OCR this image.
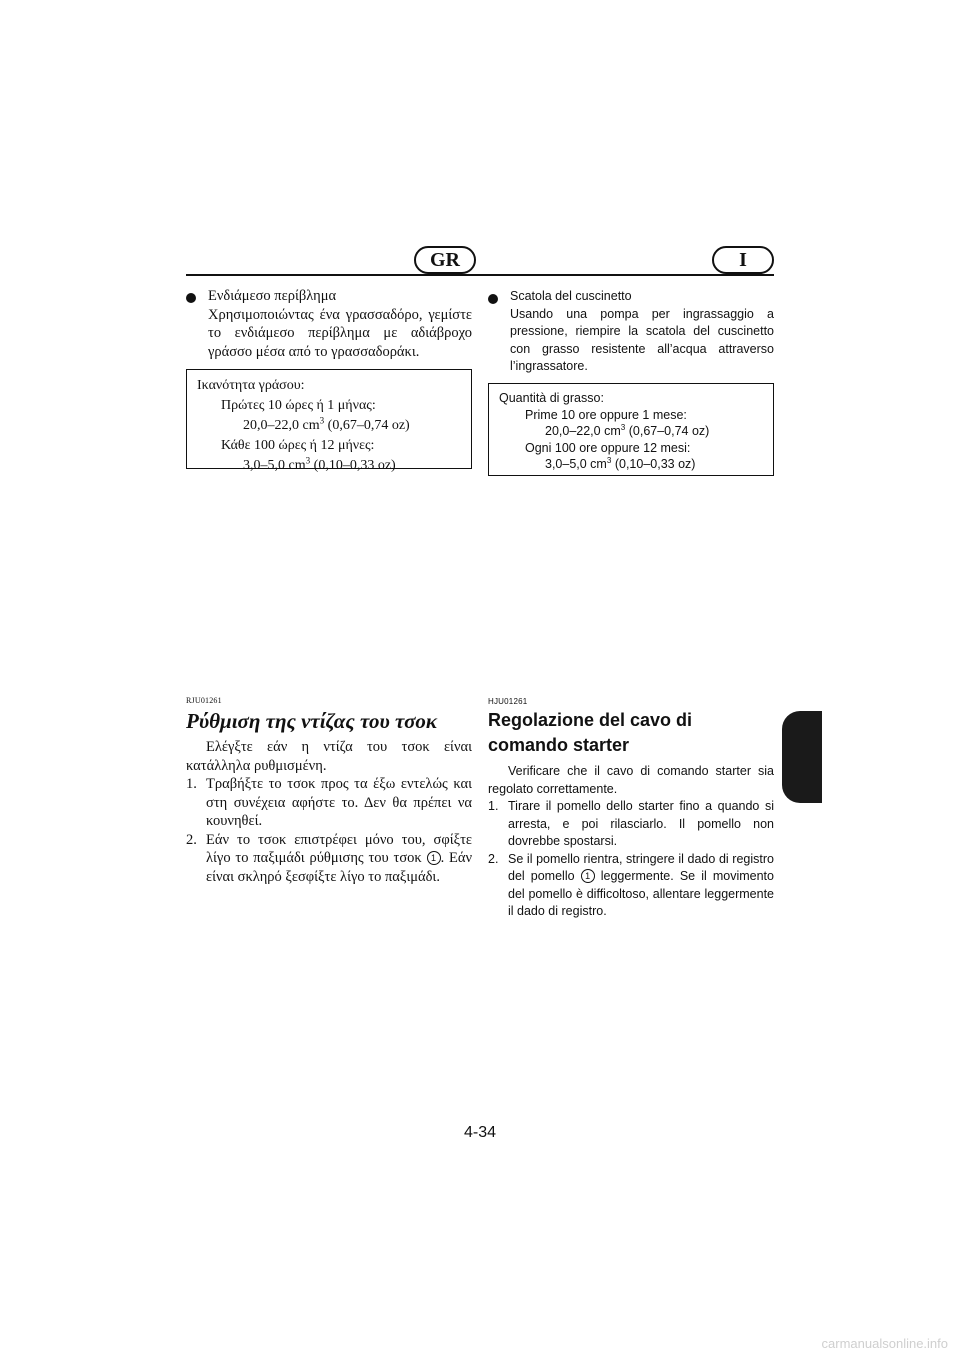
GR	I
Ενδιάμεσο περίβλημα
Χρησιμοποιώντας ένα γρασσαδόρο, γεμίστε το ενδιάμεσο περίβλημα με αδιάβροχο γράσσο μέσα από το γρασσαδοράκι.
Ικανότητα γράσου:
Πρώτες 10 ώρες ή 1 μήνας:
20,0–22,0 $cm^3$ (0,67–0,74 oz)
Κάθε 100 ώρες ή 12 μήνες:
3,0–5,0 $cm^3$ (0,10–0,33 oz)
Scatola del cuscinetto
Usando una pompa per ingrassaggio a pressione, riempire la scatola del cuscinetto con grasso resistente all’acqua attraverso l’ingrassatore.
Quantità di grasso:
Prime 10 ore oppure 1 mese:
20,0–22,0 $cm^3$ (0,67–0,74 oz)
Ogni 100 ore oppure 12 mesi:
3,0–5,0 $cm^3$ (0,10–0,33 oz)
RJU01261
Ρύθμιση της ντίζας του τσοκ
Ελέγξτε εάν η ντίζα του τσοκ είναι κατάλληλα ρυθμισμένη.
1. Τραβήξτε το τσοκ προς τα έξω εντελώς και στη συνέχεια αφήστε το. Δεν θα πρέπει να κουνηθεί.
2. Εάν το τσοκ επιστρέφει μόνο του, σφίξτε λίγο το παξιμάδι ρύθμισης του τσοκ 1 . Εάν είναι σκληρό ξεσφίξτε λίγο το παξιμάδι.
HJU01261
Regolazione del cavo di comando starter
Verificare che il cavo di comando starter sia regolato correttamente.
1. Tirare il pomello dello starter fino a quando si arresta, e poi rilasciarlo. Il pomello non dovrebbe spostarsi.
2. Se il pomello rientra, stringere il dado di registro del pomello 1 leggermente. Se il movimento del pomello è difficoltoso, allentare leggermente il dado di registro.
4-34
carmanualsonline.info
